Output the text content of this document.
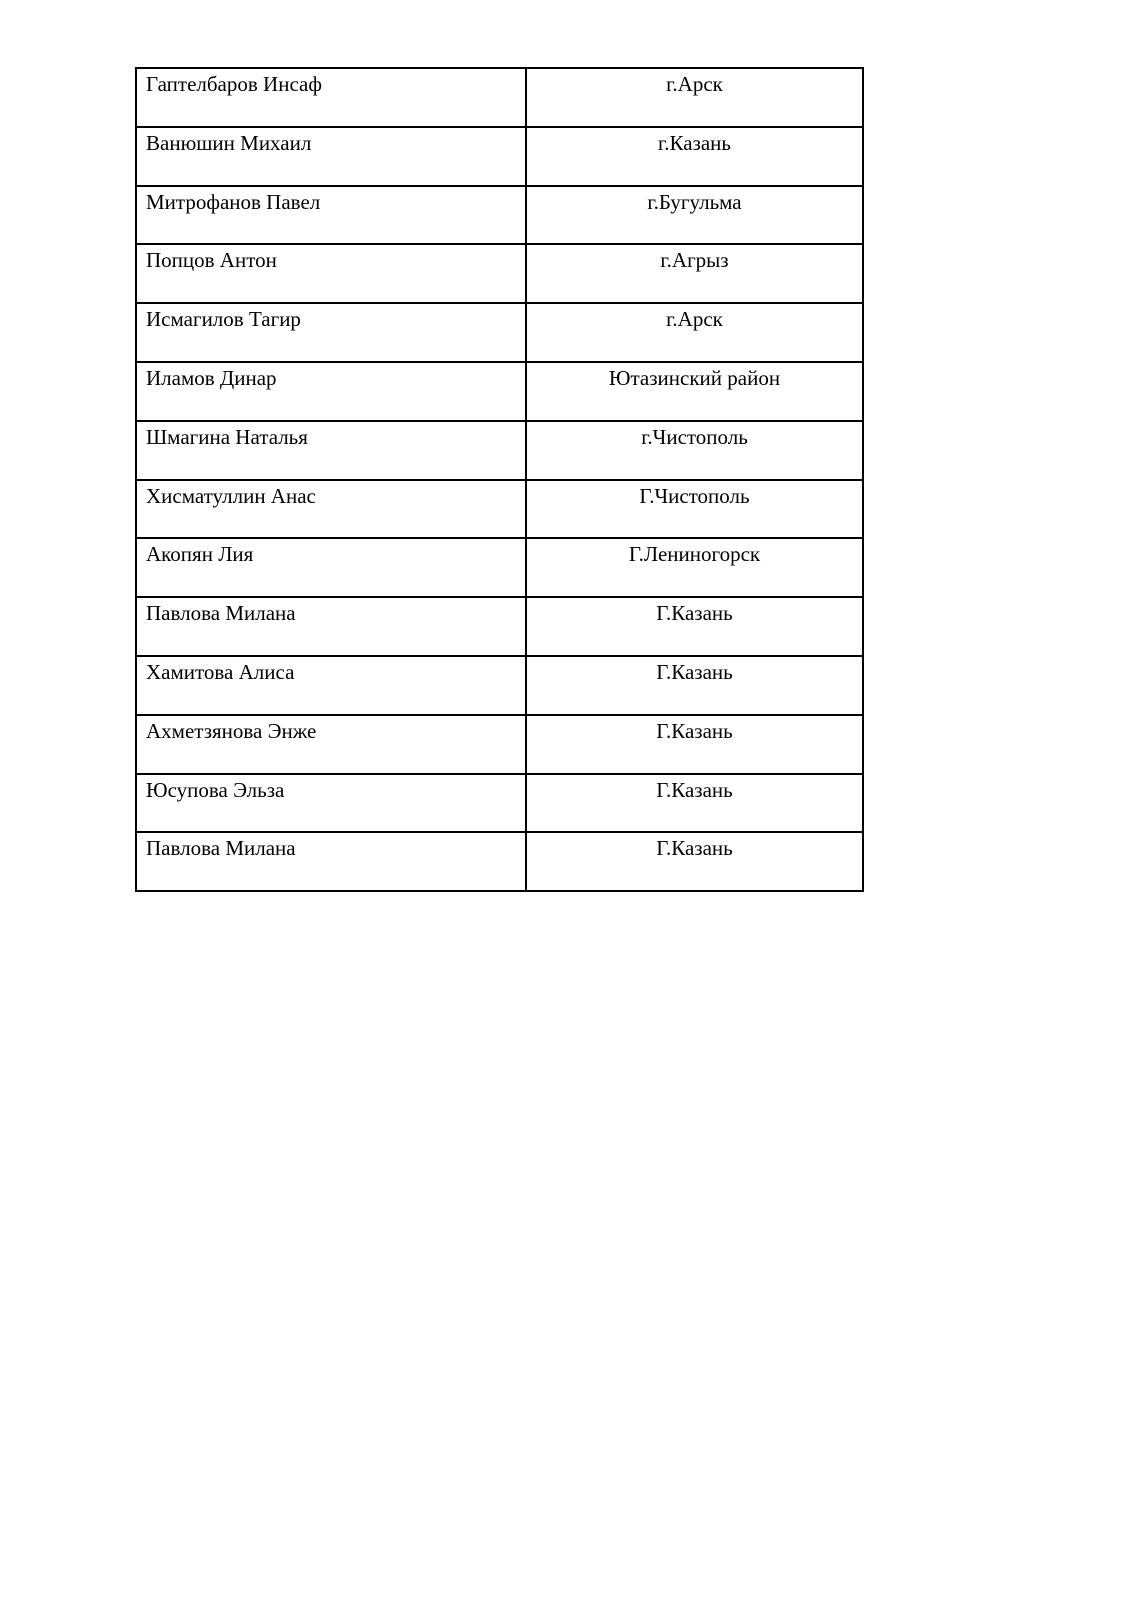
Гаптелбаров Инсаф	г.Арск
Ванюшин Михаил	г.Казань
Митрофанов Павел	г.Бугульма
Попцов Антон	г.Агрыз
Исмагилов Тагир	г.Арск
Иламов Динар	Ютазинский район
Шмагина Наталья	г.Чистополь
Хисматуллин Анас	Г.Чистополь
Акопян Лия	Г.Лениногорск
Павлова Милана	Г.Казань
Хамитова Алиса	Г.Казань
Ахметзянова Энже	Г.Казань
Юсупова Эльза	Г.Казань
Павлова Милана	Г.Казань
